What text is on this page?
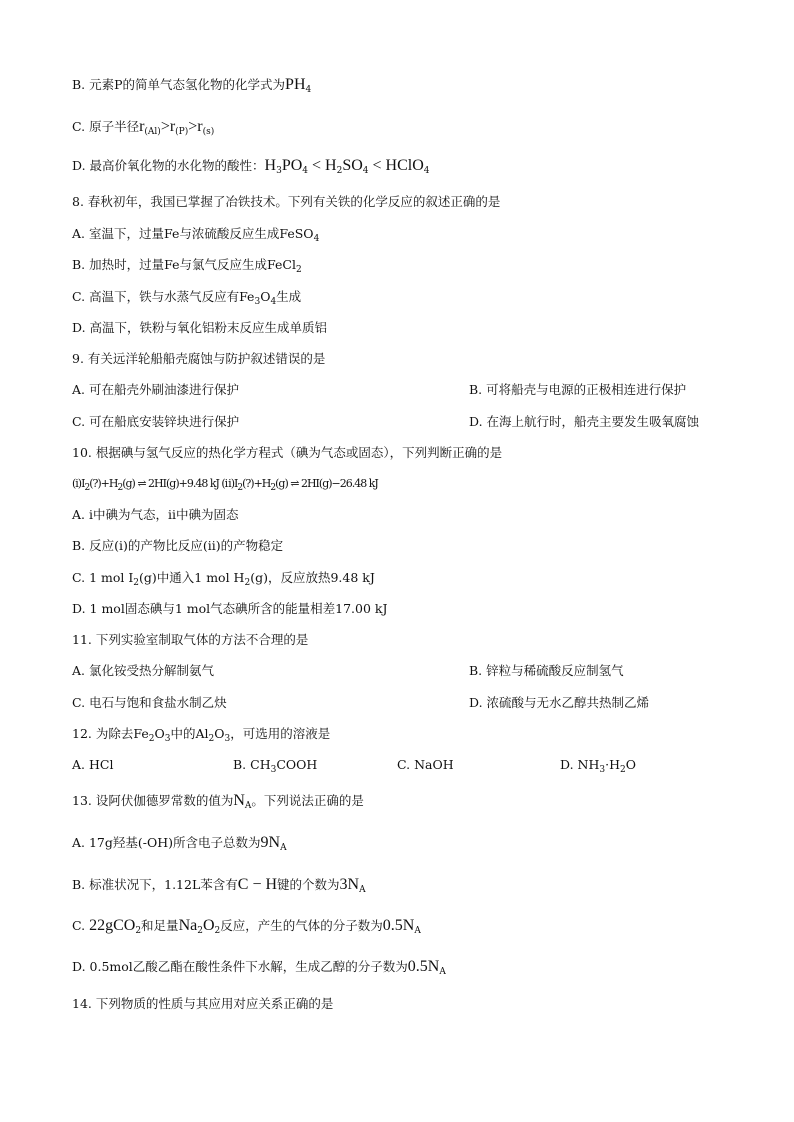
B. 元素P的简单气态氢化物的化学式为$PH_4$
C. 原子半径$r_{(Al)}>r_{(P)}>r_{(s)}$
D. 最高价氧化物的水化物的酸性：$H_3PO_4 < H_2SO_4$ < HClO$_4$
8. 春秋初年，我国已掌握了冶铁技术。下列有关铁的化学反应的叙述正确的是
A. 室温下，过量Fe与浓硫酸反应生成FeSO$_4$
B. 加热时，过量Fe与氯气反应生成FeCl$_2$
C. 高温下，铁与水蒸气反应有$Fe_3O_4$生成
D. 高温下，铁粉与氧化铝粉末反应生成单质铝
9. 有关远洋轮船船壳腐蚀与防护叙述错误的是
A. 可在船壳外刷油漆进行保护	B. 可将船壳与电源的正极相连进行保护
C. 可在船底安装锌块进行保护	D. 在海上航行时，船壳主要发生吸氧腐蚀
10. 根据碘与氢气反应的热化学方程式（碘为气态或固态），下列判断正确的是
$(ⅰ)I_2(?)+H_2(g)$ ⇌ 2HI(g)+9.48 kJ $(ⅱ)I_2(?)+H_2(g)$ ⇌ 2HI(g)−26.48 kJ
A. ⅰ中碘为气态，ⅱ中碘为固态
B. 反应(ⅰ)的产物比反应(ⅱ)的产物稳定
C. 1 mol $I_2(g)$中通入1 mol $H_2(g)$，反应放热9.48 kJ
D. 1 mol固态碘与1 mol气态碘所含的能量相差17.00 kJ
11. 下列实验室制取气体的方法不合理的是
A. 氯化铵受热分解制氨气	B. 锌粒与稀硫酸反应制氢气
C. 电石与饱和食盐水制乙炔	D. 浓硫酸与无水乙醇共热制乙烯
12. 为除去$Fe_2O_3$中的$Al_2O_3$，可选用的溶液是
A. HCl	B. $CH_3COOH$	C. NaOH	D. $NH_3\cdot H_2O$
13. 设阿伏伽德罗常数的值为$N_A$。下列说法正确的是
A. 17g羟基(-OH)所含电子总数为$9N_A$
B. 标准状况下，1.12L苯含有C − H键的个数为$3N_A$
C. 22gCO$_2$和足量$Na_2O_2$反应，产生的气体的分子数为$0.5N_A$
D. 0.5mol乙酸乙酯在酸性条件下水解，生成乙醇的分子数为$0.5N_A$
14. 下列物质的性质与其应用对应关系正确的是
